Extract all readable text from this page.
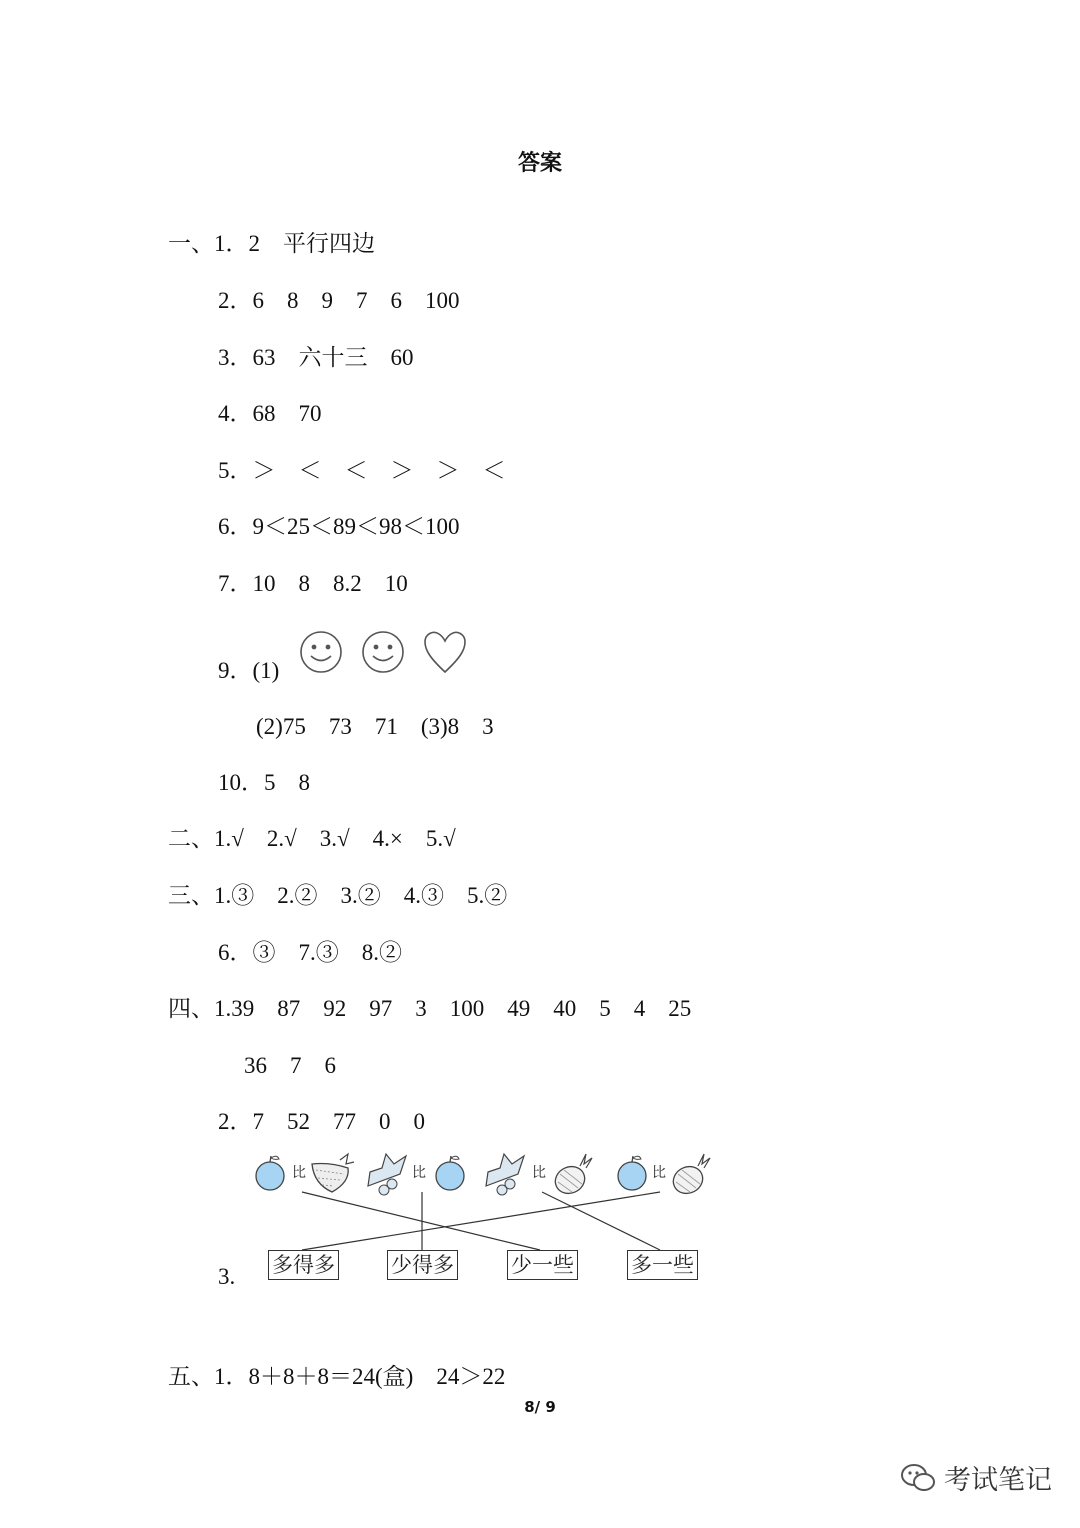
答案
一、1．2　平行四边
2．6　8　9　7　6　100
3．63　六十三　60
4．68　70
5．＞　＜　＜　＞　＞　＜
6．9＜25＜89＜98＜100
7．10　8　8.2　10
9．(1)
(2)75　73　71　(3)8　3
10．5　8
二、1.√　2.√　3.√　4.×　5.√
三、1.③　2.②　3.②　4.③　5.②
6．③　7.③　8.②
四、1.39　87　92　97　3　100　49　40　5　4　25
36　7　6
2．7　52　77　0　0
比	比	比	比
多得多	少得多	少一些	多一些
3.
五、1．8＋8＋8＝24(盒)　24＞22
8/ 9
考试笔记
